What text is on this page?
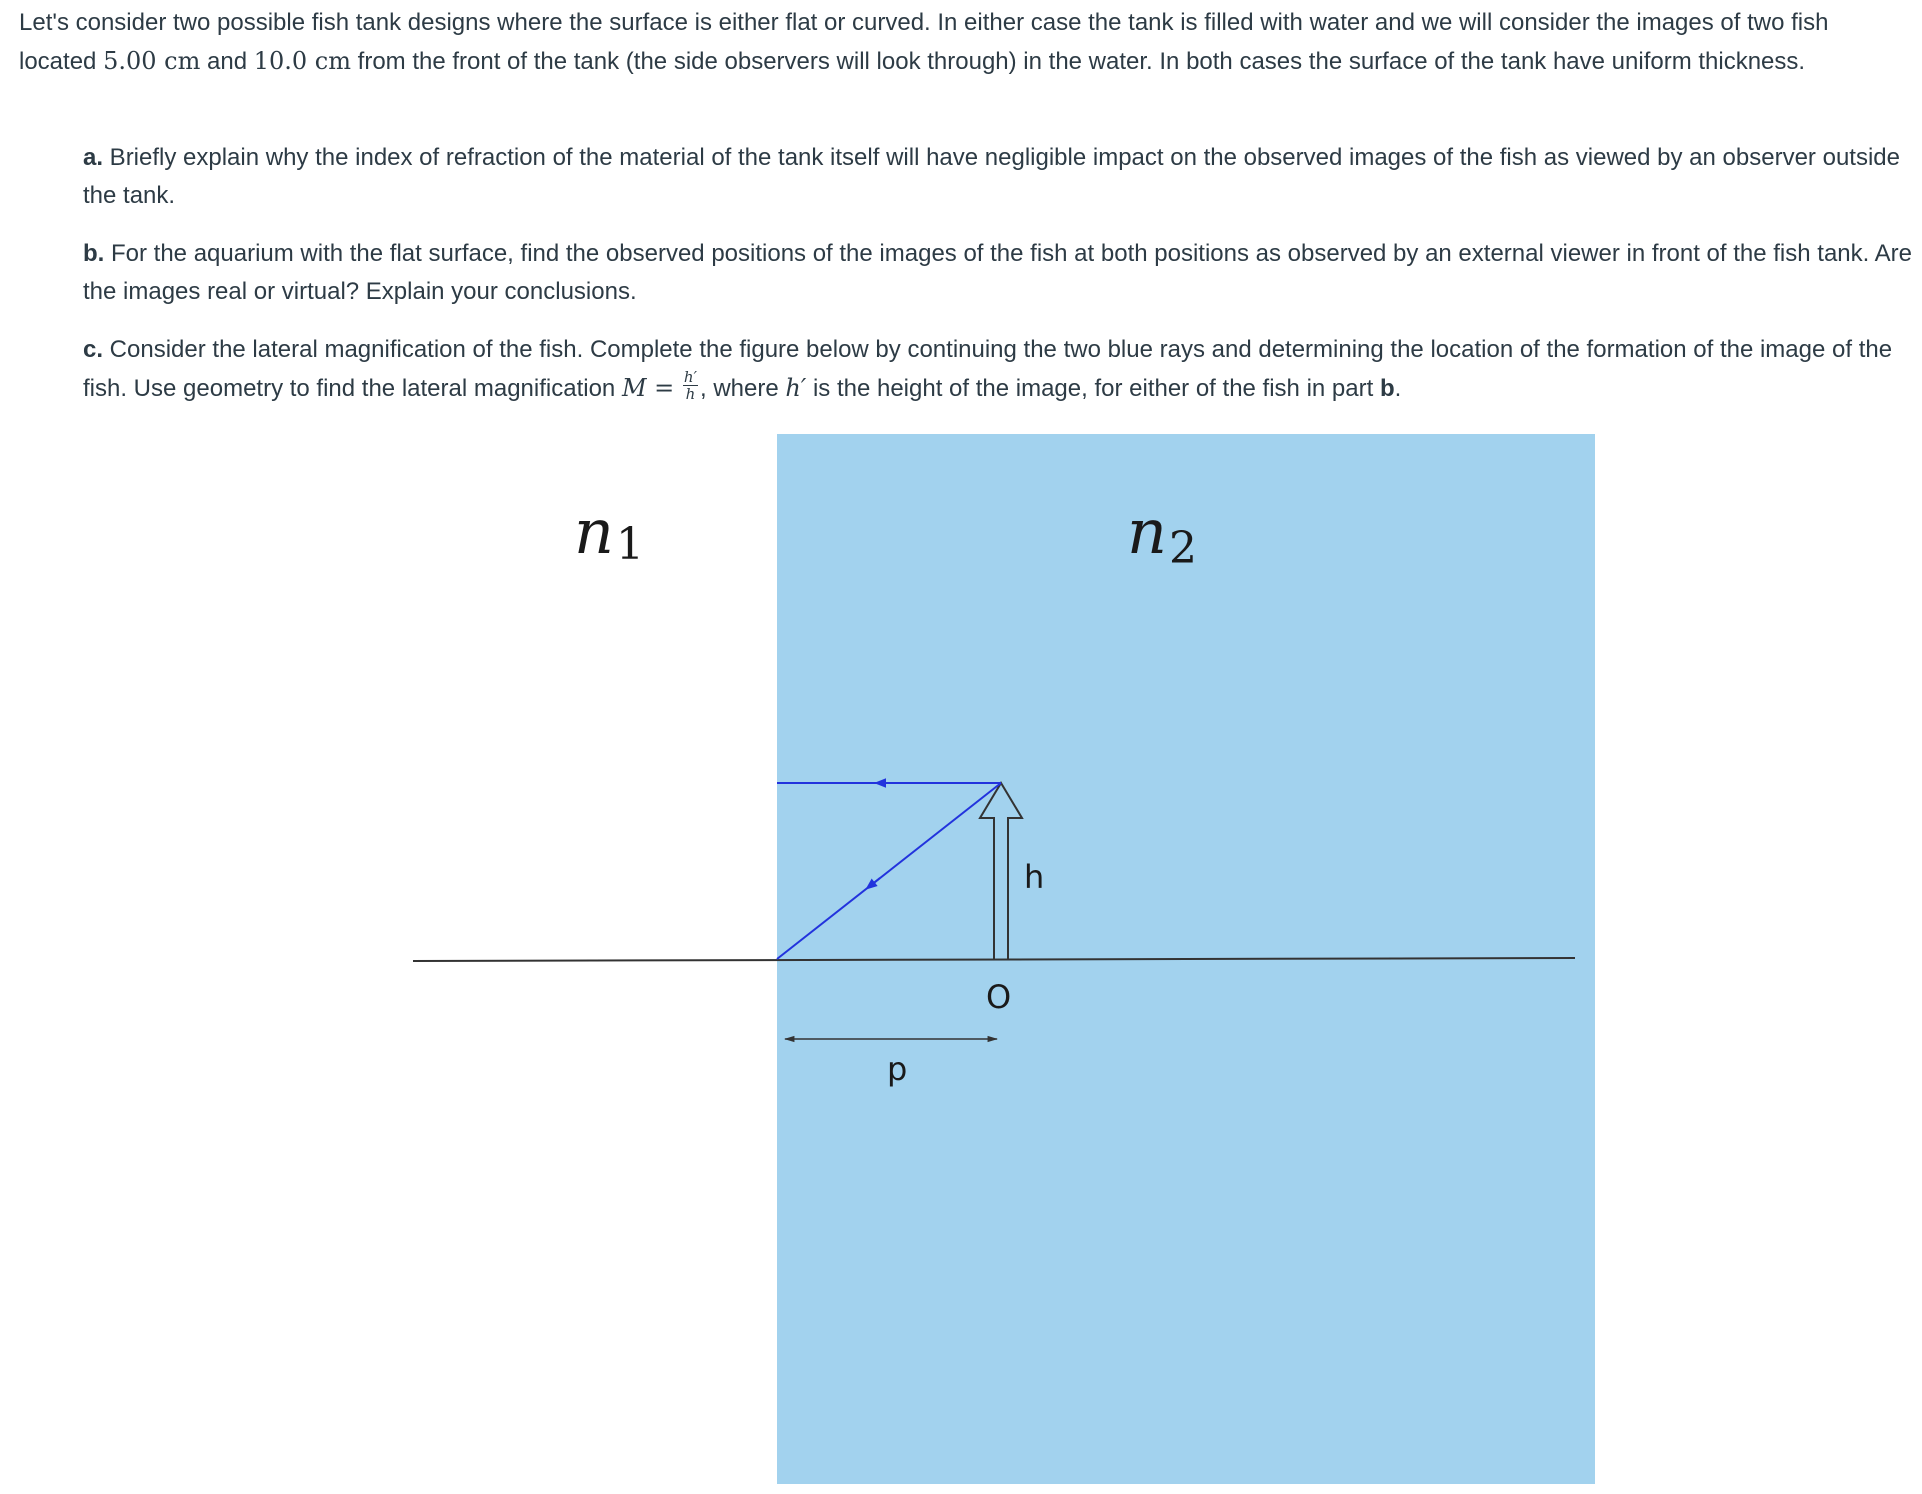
Let's consider two possible fish tank designs where the surface is either flat or curved. In either case the tank is filled with water and we will consider the images of two fish located 5.00 cm and 10.0 cm from the front of the tank (the side observers will look through) in the water. In both cases the surface of the tank have uniform thickness.

a. Briefly explain why the index of refraction of the material of the tank itself will have negligible impact on the observed images of the fish as viewed by an observer outside the tank.

b. For the aquarium with the flat surface, find the observed positions of the images of the fish at both positions as observed by an external viewer in front of the fish tank. Are the images real or virtual? Explain your conclusions.

c. Consider the lateral magnification of the fish. Complete the figure below by continuing the two blue rays and determining the location of the formation of the image of the fish. Use geometry to find the lateral magnification $M = \frac{h'}{h}$ , where h′ is the height of the image, for either of the fish in part b.

n1	n2
h
O
p
